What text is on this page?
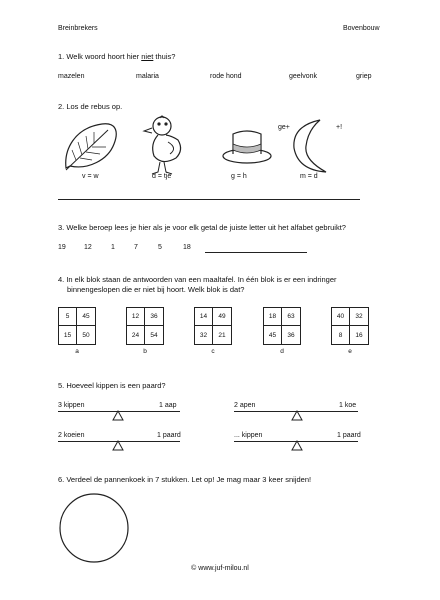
Breinbrekers	Bovenbouw
1. Welk woord hoort hier niet thuis?
mazelen	malaria	rode hond	geelvonk	griep
2. Los de rebus op.
ge+	+!
v = w	d = tje	g = h	m = d
3. Welke beroep lees je hier als je voor elk getal de juiste letter uit het alfabet gebruikt?
19	12	1	7	5	18
4. In elk blok staan de antwoorden van een maaltafel. In één blok is er een indringer
binnengeslopen die er niet bij hoort. Welk blok is dat?
5	45
15	50
a
12	36
24	54
b
14	49
32	21
c
18	63
45	36
d
40	32
8	16
e
5. Hoeveel kippen is een paard?
3 kippen	1 aap	2 apen	1 koe
2 koeien	1 paard	... kippen	1 paard
6. Verdeel de pannenkoek in 7 stukken. Let op! Je mag maar 3 keer snijden!
© www.juf-milou.nl
